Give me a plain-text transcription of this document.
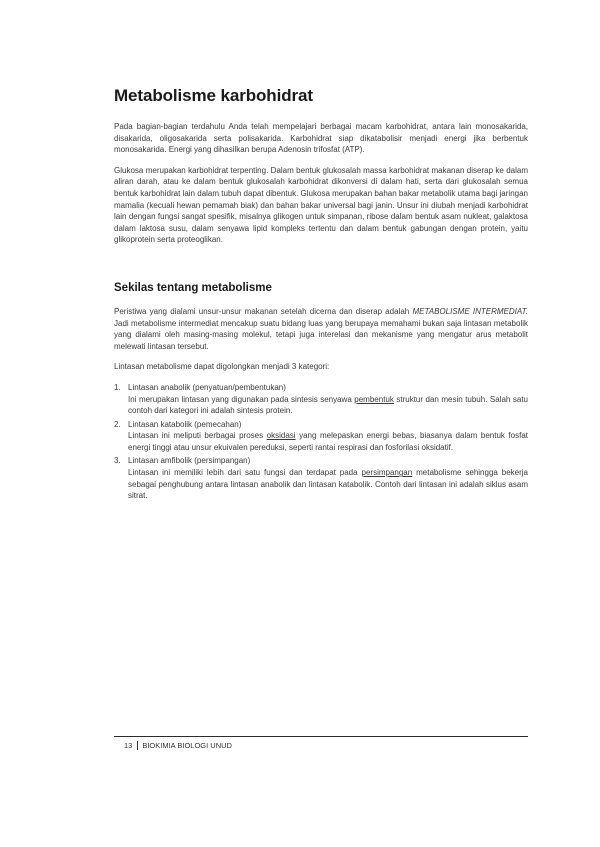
Metabolisme karbohidrat

Pada bagian-bagian terdahulu Anda telah mempelajari berbagai macam karbohidrat, antara lain monosakarida, disakarida, oligosakarida serta polisakarida. Karbohidrat siap dikatabolisir menjadi energi jika berbentuk monosakarida. Energi yang dihasilkan berupa Adenosin trifosfat (ATP).

Glukosa merupakan karbohidrat terpenting. Dalam bentuk glukosalah massa karbohidrat makanan diserap ke dalam aliran darah, atau ke dalam bentuk glukosalah karbohidrat dikonversi di dalam hati, serta dari glukosalah semua bentuk karbohidrat lain dalam tubuh dapat dibentuk. Glukosa merupakan bahan bakar metabolik utama bagi jaringan mamalia (kecuali hewan pemamah biak) dan bahan bakar universal bagi janin. Unsur ini diubah menjadi karbohidrat lain dengan fungsi sangat spesifik, misalnya glikogen untuk simpanan, ribose dalam bentuk asam nukleat, galaktosa dalam laktosa susu, dalam senyawa lipid kompleks tertentu dan dalam bentuk gabungan dengan protein, yaitu glikoprotein serta proteoglikan.

Sekilas tentang metabolisme

Peristiwa yang dialami unsur-unsur makanan setelah dicerna dan diserap adalah METABOLISME INTERMEDIAT. Jadi metabolisme intermediat mencakup suatu bidang luas yang berupaya memahami bukan saja lintasan metabolik yang dialami oleh masing-masing molekul, tetapi juga interelasi dan mekanisme yang mengatur arus metabolit melewati lintasan tersebut.

Lintasan metabolisme dapat digolongkan menjadi 3 kategori:

1. Lintasan anabolik (penyatuan/pembentukan)
Ini merupakan lintasan yang digunakan pada sintesis senyawa pembentuk struktur dan mesin tubuh. Salah satu contoh dari kategori ini adalah sintesis protein.
2. Lintasan katabolik (pemecahan)
Lintasan ini meliputi berbagai proses oksidasi yang melepaskan energi bebas, biasanya dalam bentuk fosfat energi tinggi atau unsur ekuivalen pereduksi, seperti rantai respirasi dan fosforilasi oksidatif.
3. Lintasan amfibolik (persimpangan)
Lintasan ini memiliki lebih dari satu fungsi dan terdapat pada persimpangan metabolisme sehingga bekerja sebagai penghubung antara lintasan anabolik dan lintasan katabolik. Contoh dari lintasan ini adalah siklus asam sitrat.
13 BIOKIMIA BIOLOGI UNUD
